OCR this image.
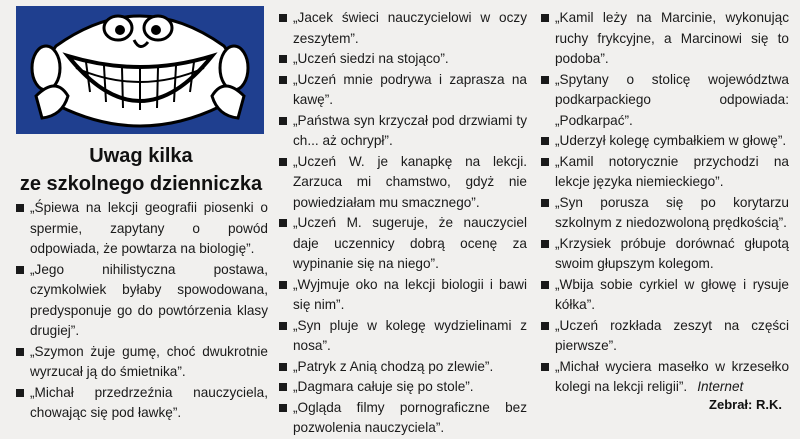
Uwag kilka
ze szkolnego dzienniczka
„Śpiewa na lekcji geografii piosenki o spermie, zapytany o powód odpowiada, że powtarza na biologię”.
„Jego nihilistyczna postawa, czymkolwiek byłaby spowodowana, predysponuje go do powtórzenia klasy drugiej”.
„Szymon żuje gumę, choć dwukrotnie wyrzucał ją do śmietnika”.
„Michał przedrzeźnia nauczyciela, chowając się pod ławkę”.
„Jacek świeci nauczycielowi w oczy zeszytem”.
„Uczeń siedzi na stojąco”.
„Uczeń mnie podrywa i zaprasza na kawę”.
„Państwa syn krzyczał pod drzwiami ty ch... aż ochrypł”.
„Uczeń W. je kanapkę na lekcji. Zarzuca mi chamstwo, gdyż nie powiedziałam mu smacznego”.
„Uczeń M. sugeruje, że nauczyciel daje uczennicy dobrą ocenę za wypinanie się na niego”.
„Wyjmuje oko na lekcji biologii i bawi się nim”.
„Syn pluje w kolegę wydzielinami z nosa”.
„Patryk z Anią chodzą po zlewie”.
„Dagmara całuje się po stole”.
„Ogląda filmy pornograficzne bez pozwolenia nauczyciela”.
„Kamil leży na Marcinie, wykonując ruchy frykcyjne, a Marcinowi się to podoba”.
„Spytany o stolicę województwa podkarpackiego odpowiada: „Podkarpać”.
„Uderzył kolegę cymbałkiem w głowę”.
„Kamil notorycznie przychodzi na lekcje języka niemieckiego”.
„Syn porusza się po korytarzu szkolnym z niedozwoloną prędkością”.
„Krzysiek próbuje dorównać głupotą swoim głupszym kolegom.
„Wbija sobie cyrkiel w głowę i rysuje kółka”.
„Uczeń rozkłada zeszyt na części pierwsze”.
„Michał wyciera masełko w krzesełko kolegi na lekcji religii”. Internet
Zebrał: R.K.
